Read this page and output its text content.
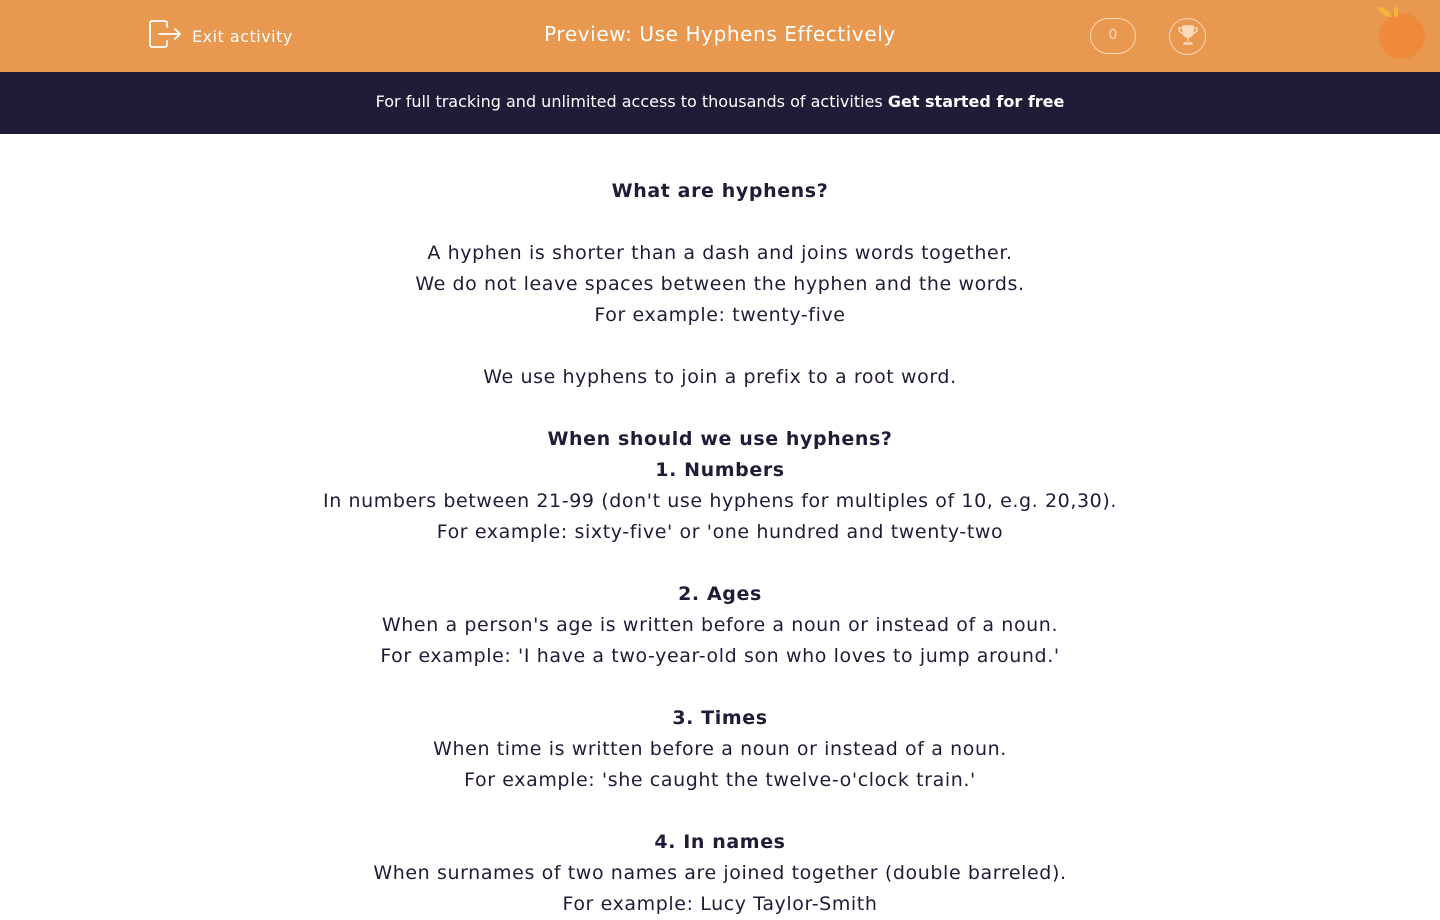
Exit activity	Preview: Use Hyphens Effectively	0
For full tracking and unlimited access to thousands of activities Get started for free
What are hyphens?
A hyphen is shorter than a dash and joins words together.
We do not leave spaces between the hyphen and the words.
For example: twenty-five
We use hyphens to join a prefix to a root word.
When should we use hyphens?
1. Numbers
In numbers between 21-99 (don't use hyphens for multiples of 10, e.g. 20,30).
For example: sixty-five' or 'one hundred and twenty-two
2. Ages
When a person's age is written before a noun or instead of a noun.
For example: 'I have a two-year-old son who loves to jump around.'
3. Times
When time is written before a noun or instead of a noun.
For example: 'she caught the twelve-o'clock train.'
4. In names
When surnames of two names are joined together (double barreled).
For example: Lucy Taylor-Smith
